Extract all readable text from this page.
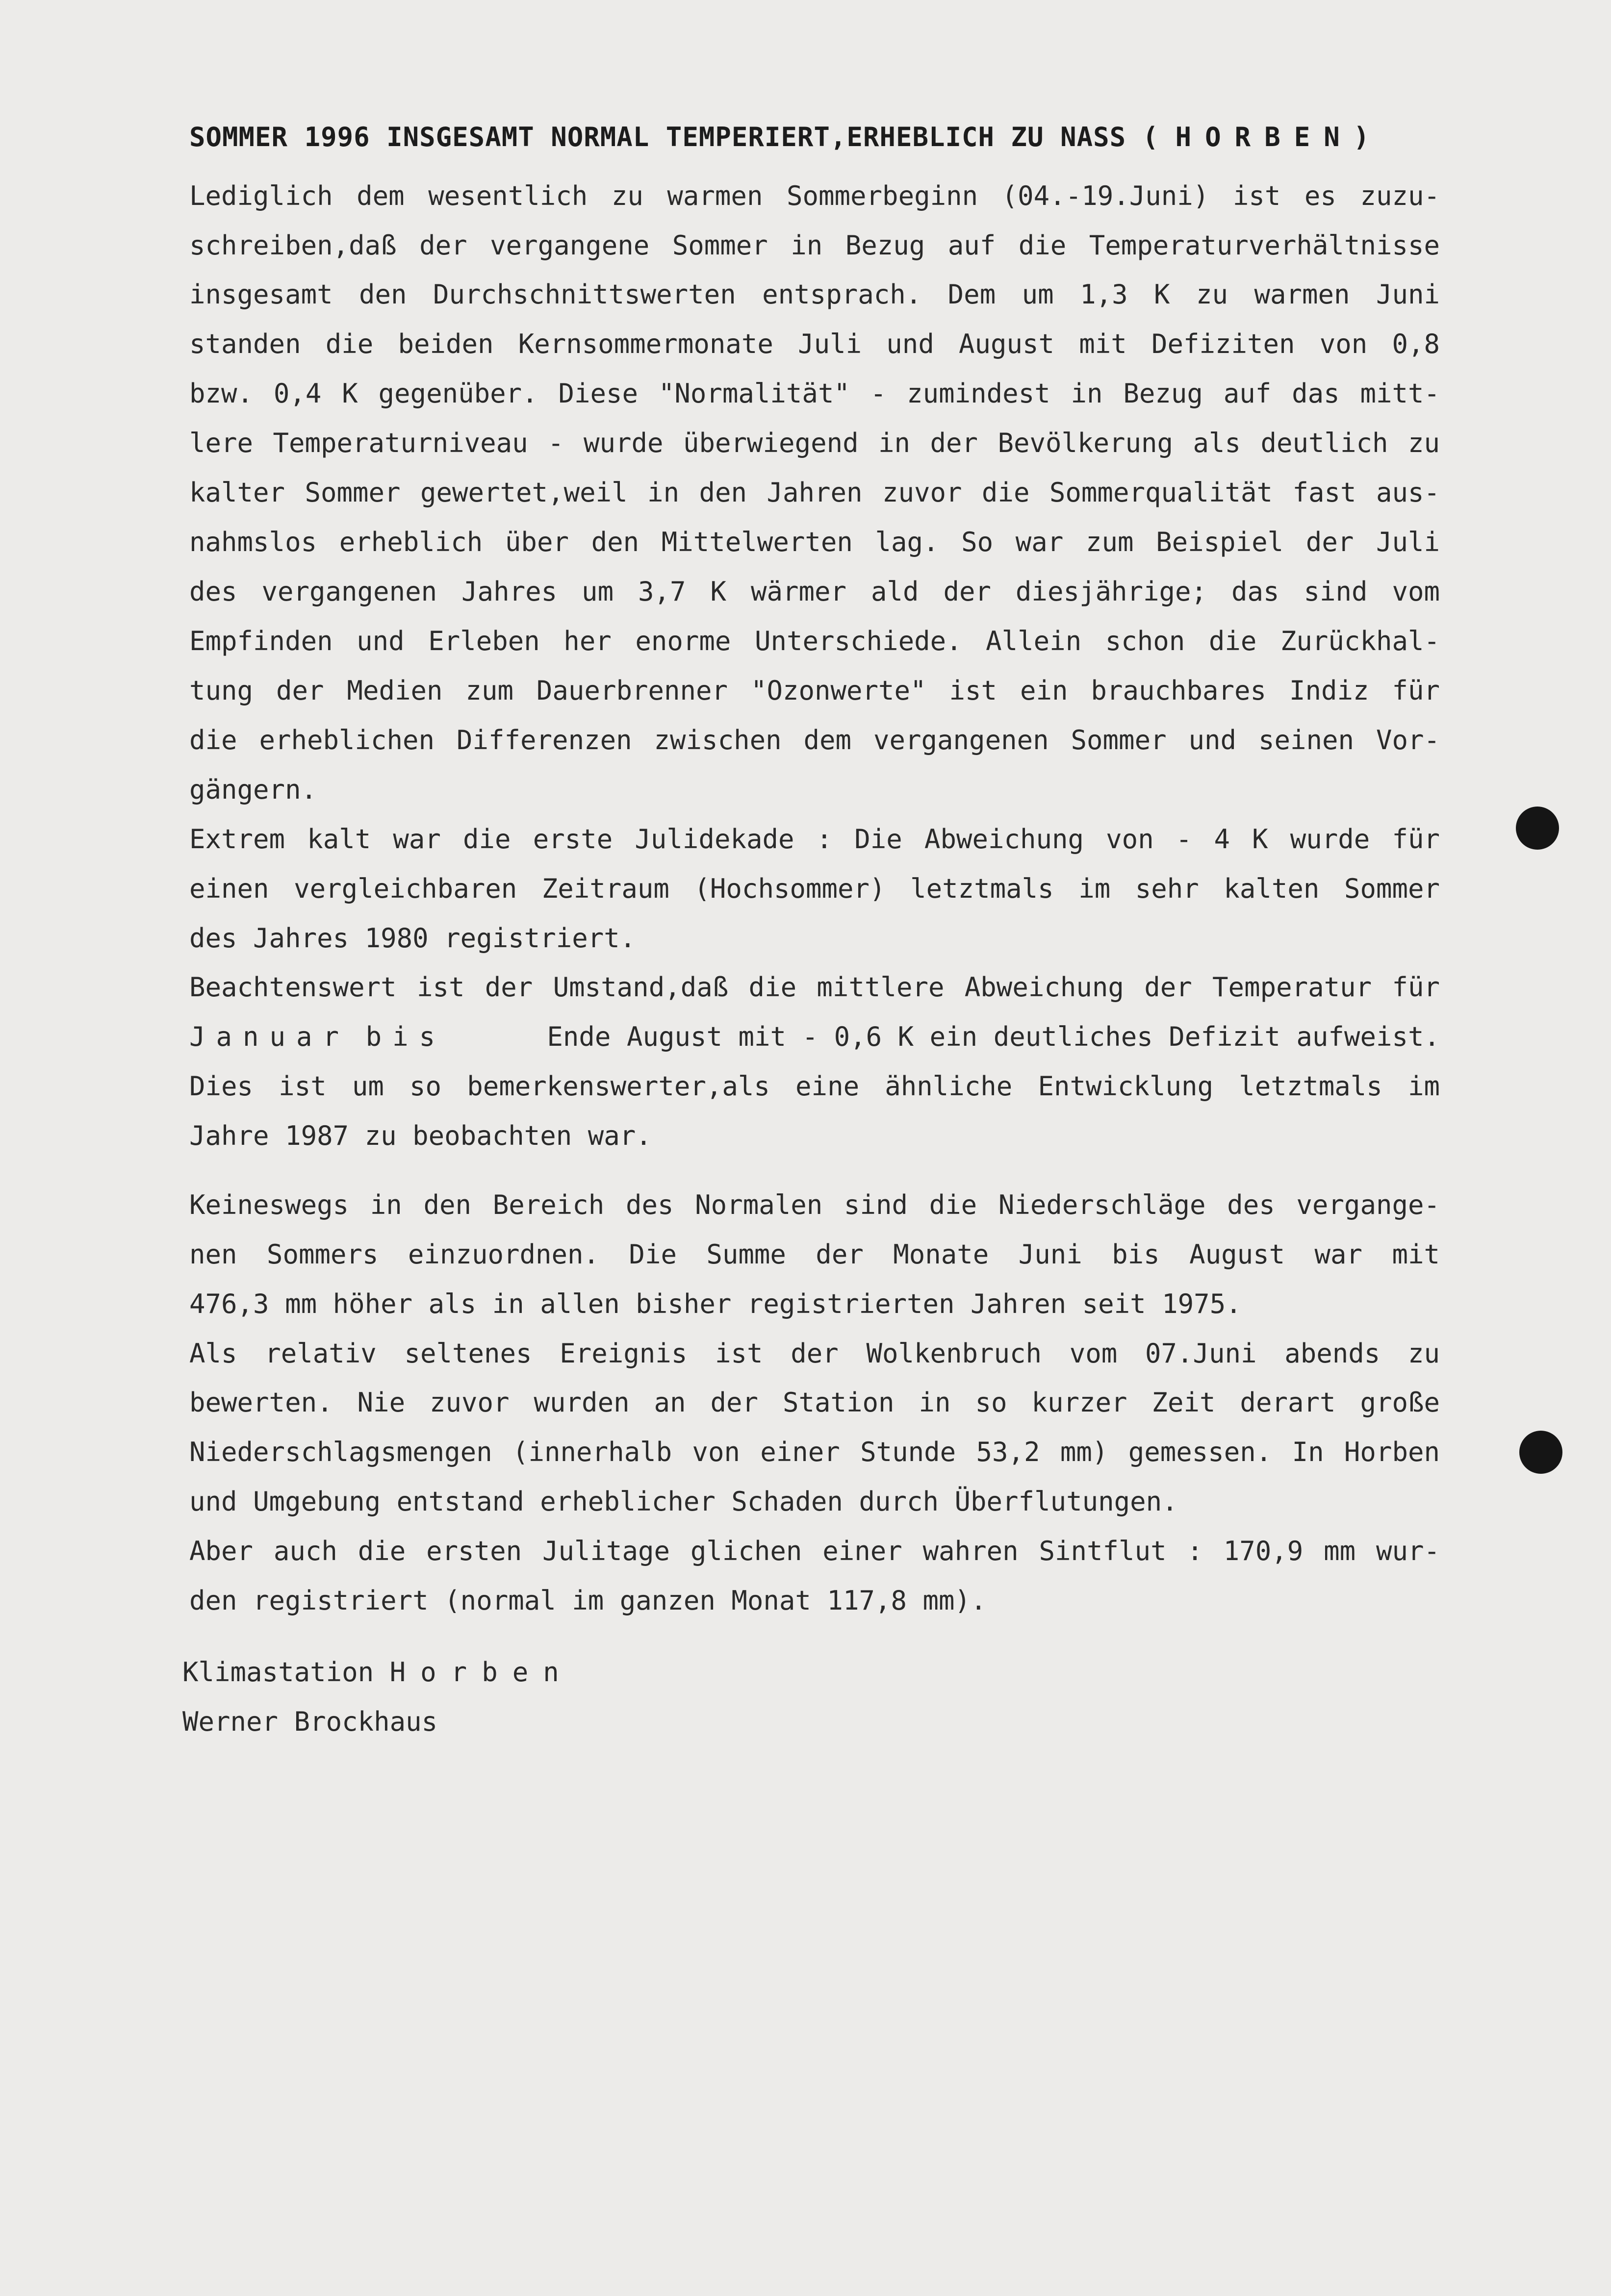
SOMMER 1996 INSGESAMT NORMAL TEMPERIERT,ERHEBLICH ZU NASS ( HORBEN)
Lediglich dem wesentlich zu warmen Sommerbeginn (04.-19.Juni) ist es zuzu-
schreiben,daß der vergangene Sommer in Bezug auf die Temperaturverhältnisse
insgesamt den Durchschnittswerten entsprach. Dem um 1,3 K zu warmen Juni
standen die beiden Kernsommermonate Juli und August mit Defiziten von 0,8
bzw. 0,4 K gegenüber. Diese "Normalität" - zumindest in Bezug auf das mitt-
lere Temperaturniveau - wurde überwiegend in der Bevölkerung als deutlich zu
kalter Sommer gewertet,weil in den Jahren zuvor die Sommerqualität fast aus-
nahmslos erheblich über den Mittelwerten lag. So war zum Beispiel der Juli
des vergangenen Jahres um 3,7 K wärmer ald der diesjährige; das sind vom
Empfinden und Erleben her enorme Unterschiede. Allein schon die Zurückhal-
tung der Medien zum Dauerbrenner "Ozonwerte" ist ein brauchbares Indiz für
die erheblichen Differenzen zwischen dem vergangenen Sommer und seinen Vor-
gängern.
Extrem kalt war die erste Julidekade : Die Abweichung von - 4 K wurde für
einen vergleichbaren Zeitraum (Hochsommer) letztmals im sehr kalten Sommer
des Jahres 1980 registriert.
Beachtenswert ist der Umstand,daß die mittlere Abweichung der Temperatur für
Januar bis	Ende August mit - 0,6 K ein deutliches Defizit aufweist.
Dies ist um so bemerkenswerter,als eine ähnliche Entwicklung letztmals im
Jahre 1987 zu beobachten war.
Keineswegs in den Bereich des Normalen sind die Niederschläge des vergange-
nen Sommers einzuordnen. Die Summe der Monate Juni bis August war mit
476,3 mm höher als in allen bisher registrierten Jahren seit 1975.
Als relativ seltenes Ereignis ist der Wolkenbruch vom 07.Juni abends zu
bewerten. Nie zuvor wurden an der Station in so kurzer Zeit derart große
Niederschlagsmengen (innerhalb von einer Stunde 53,2 mm) gemessen. In Horben
und Umgebung entstand erheblicher Schaden durch Überflutungen.
Aber auch die ersten Julitage glichen einer wahren Sintflut : 170,9 mm wur-
den registriert (normal im ganzen Monat 117,8 mm).
Klimastation Horben
Werner Brockhaus
